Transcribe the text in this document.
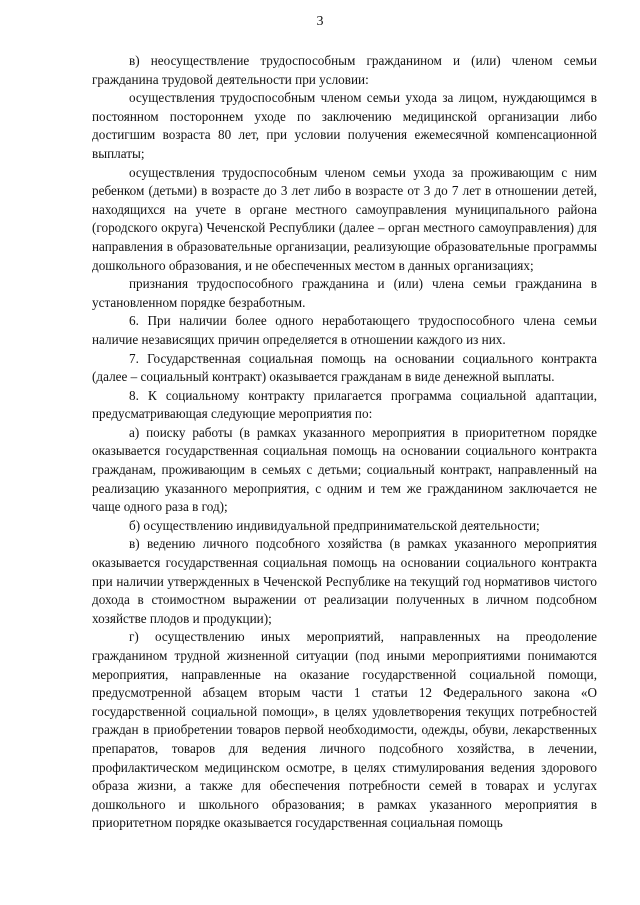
3

в) неосуществление трудоспособным гражданином и (или) членом семьи гражданина трудовой деятельности при условии:

осуществления трудоспособным членом семьи ухода за лицом, нуждающимся в постоянном постороннем уходе по заключению медицинской организации либо достигшим возраста 80 лет, при условии получения ежемесячной компенсационной выплаты;

осуществления трудоспособным членом семьи ухода за проживающим с ним ребенком (детьми) в возрасте до 3 лет либо в возрасте от 3 до 7 лет в отношении детей, находящихся на учете в органе местного самоуправления муниципального района (городского округа) Чеченской Республики (далее – орган местного самоуправления) для направления в образовательные организации, реализующие образовательные программы дошкольного образования, и не обеспеченных местом в данных организациях;

признания трудоспособного гражданина и (или) члена семьи гражданина в установленном порядке безработным.

6. При наличии более одного неработающего трудоспособного члена семьи наличие независящих причин определяется в отношении каждого из них.

7. Государственная социальная помощь на основании социального контракта (далее – социальный контракт) оказывается гражданам в виде денежной выплаты.

8. К социальному контракту прилагается программа социальной адаптации, предусматривающая следующие мероприятия по:

а) поиску работы (в рамках указанного мероприятия в приоритетном порядке оказывается государственная социальная помощь на основании социального контракта гражданам, проживающим в семьях с детьми; социальный контракт, направленный на реализацию указанного мероприятия, с одним и тем же гражданином заключается не чаще одного раза в год);

б) осуществлению индивидуальной предпринимательской деятельности;

в) ведению личного подсобного хозяйства (в рамках указанного мероприятия оказывается государственная социальная помощь на основании социального контракта при наличии утвержденных в Чеченской Республике на текущий год нормативов чистого дохода в стоимостном выражении от реализации полученных в личном подсобном хозяйстве плодов и продукции);

г) осуществлению иных мероприятий, направленных на преодоление гражданином трудной жизненной ситуации (под иными мероприятиями понимаются мероприятия, направленные на оказание государственной социальной помощи, предусмотренной абзацем вторым части 1 статьи 12 Федерального закона «О государственной социальной помощи», в целях удовлетворения текущих потребностей граждан в приобретении товаров первой необходимости, одежды, обуви, лекарственных препаратов, товаров для ведения личного подсобного хозяйства, в лечении, профилактическом медицинском осмотре, в целях стимулирования ведения здорового образа жизни, а также для обеспечения потребности семей в товарах и услугах дошкольного и школьного образования; в рамках указанного мероприятия в приоритетном порядке оказывается государственная социальная помощь
